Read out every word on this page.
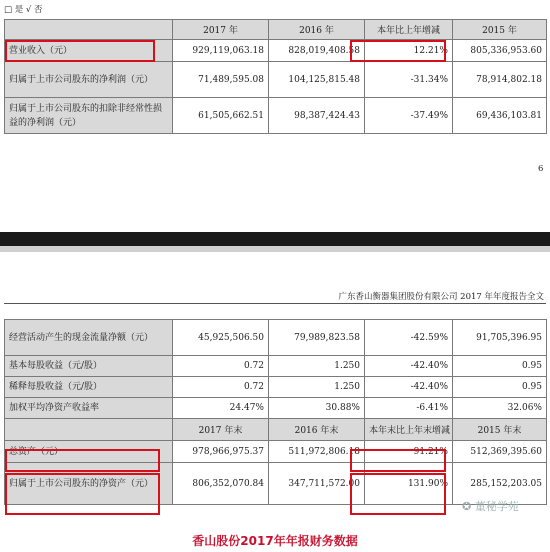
□ 是 √ 否
	2017 年	2016 年	本年比上年增减	2015 年
营业收入（元）	929,119,063.18	828,019,408.58	12.21%	805,336,953.60
归属于上市公司股东的净利润（元）	71,489,595.08	104,125,815.48	-31.34%	78,914,802.18
归属于上市公司股东的扣除非经常性损益的净利润（元）	61,505,662.51	98,387,424.43	-37.49%	69,436,103.81
6
广东香山衡器集团股份有限公司 2017 年年度报告全文
经营活动产生的现金流量净额（元）	45,925,506.50	79,989,823.58	-42.59%	91,705,396.95
基本每股收益（元/股）	0.72	1.250	-42.40%	0.95
稀释每股收益（元/股）	0.72	1.250	-42.40%	0.95
加权平均净资产收益率	24.47%	30.88%	-6.41%	32.06%
	2017 年末	2016 年末	本年末比上年末增减	2015 年末
总资产（元）	978,966,975.37	511,972,806.18	91.21%	512,369,395.60
归属于上市公司股东的净资产（元）	806,352,070.84	347,711,572.00	131.90%	285,152,203.05
✪ 董秘学苑
香山股份2017年年报财务数据
